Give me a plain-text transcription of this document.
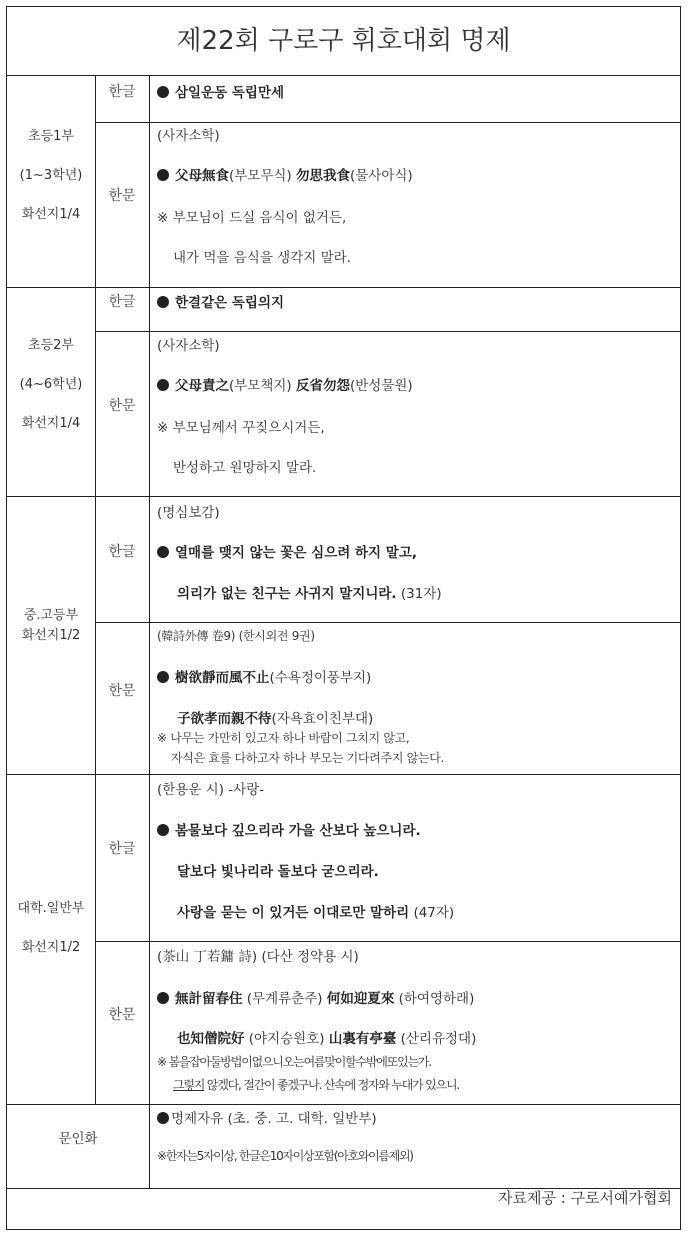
제22회 구로구 휘호대회 명제
초등1부
(1~3학년)
화선지1/4
한글	삼일운동 독립만세
한문
(사자소학)
父母無食(부모무식) 勿思我食(물사아식)
※ 부모님이 드실 음식이 없거든,
내가 먹을 음식을 생각지 말라.
초등2부
(4~6학년)
화선지1/4
한글	한결같은 독립의지
한문
(사자소학)
父母責之(부모책지) 反省勿怨(반성물원)
※ 부모님께서 꾸짖으시거든,
반성하고 원망하지 말라.
중.고등부
화선지1/2
한글
(명심보감)
열매를 맺지 않는 꽃은 심으려 하지 말고,
의리가 없는 친구는 사귀지 말지니라. (31자)
한문
(韓詩外傳 卷9) (한시외전 9권)
樹欲靜而風不止(수욕정이풍부지)
子欲孝而親不待(자욕효이친부대)
※ 나무는 가만히 있고자 하나 바람이 그치지 않고,
자식은 효를 다하고자 하나 부모는 기다려주지 않는다.
대학.일반부
화선지1/2
한글
(한용운 시) -사랑-
봄물보다 깊으리라 가을 산보다 높으니라.
달보다 빛나리라 돌보다 굳으리라.
사랑을 묻는 이 있거든 이대로만 말하리 (47자)
한문
(茶山 丁若鏞 詩) (다산 정약용 시)
無計留春住 (무계류춘주) 何如迎夏來 (하여영하래)
也知僧院好 (야지승원호) 山裏有亭臺 (산리유정대)
※ 봄을잡아둘방법이없으니오는여름맞이할수밖에또있는가.
그렇지 않겠다, 절간이 좋겠구나. 산속에 정자와 누대가 있으니.
문인화
명제자유 (초. 중. 고. 대학. 일반부)
※한자는5자이상, 한글은10자이상포함(아호와이름제외)
자료제공 : 구로서예가협회
